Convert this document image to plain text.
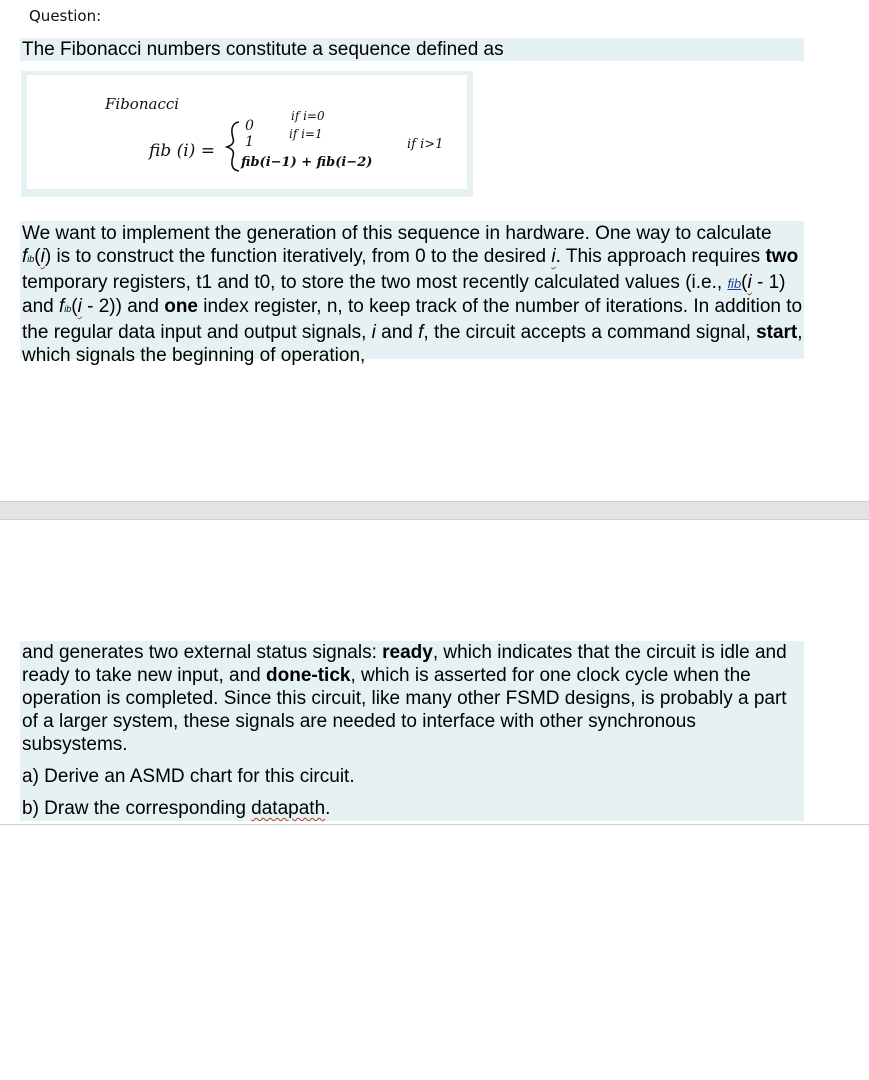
Question:
The Fibonacci numbers constitute a sequence defined as
Fibonacci
fib (i) =
0
if i=0
1	if i=1
fib(i−1) + fib(i−2)
if i>1
We want to implement the generation of this sequence in hardware. One way to calculate fib(i) is to construct the function iteratively, from 0 to the desired i. This approach requires two temporary registers, t1 and t0, to store the two most recently calculated values (i.e., fib(i - 1) and fib(i - 2)) and one index register, n, to keep track of the number of iterations. In addition to the regular data input and output signals, i and f, the circuit accepts a command signal, start, which signals the beginning of operation,
and generates two external status signals: ready, which indicates that the circuit is idle and ready to take new input, and done-tick, which is asserted for one clock cycle when the operation is completed. Since this circuit, like many other FSMD designs, is probably a part of a larger system, these signals are needed to interface with other synchronous subsystems.
a) Derive an ASMD chart for this circuit.
b) Draw the corresponding datapath.
